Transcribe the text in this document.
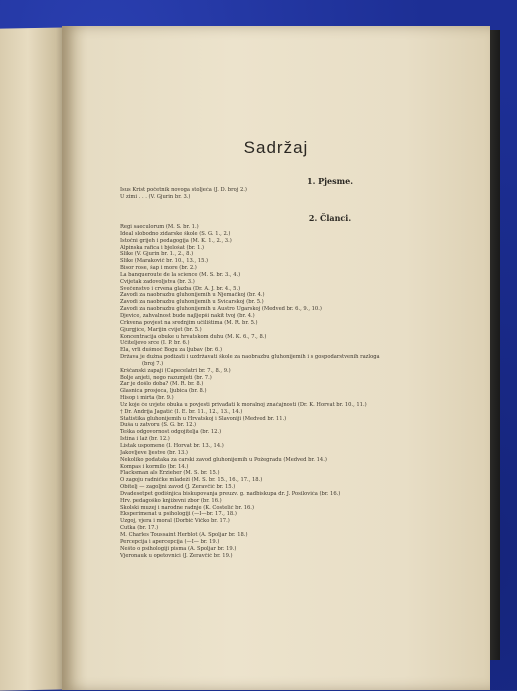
Sadržaj
1. Pjesme.
Isus Krist početnik novoga stoljeća (J. D. broj 2.)
U zimi . . . (V. Gjurin br. 3.)
2. Članci.
Regi saeculorum (M. S. br. 1.)
Ideal slobodno zidarske škole (S. G. 1., 2.)
Istočni grijeh i pedagogija (M. K. 1., 2., 3.)
Alpinska rafica i bjelošat (br. 1.)
Slike (V. Gjurin br. 1., 2., 8.)
Slike (Marakovič br. 10., 13., 15.)
Bisor rose, šap i more (br. 2.)
La banqueroute de la science (M. S. br. 3., 4.)
Cvijetak zadovoljstva (br. 3.)
Svečenstvo i crvena glazba (Dr. A. J. br. 4., 5.)
Zavodi za naobrazbu gluhonijemih u Njemačkoj (br. 4.)
Zavodi za naobrazbu gluhonijemih u Švicarskoj (br. 5.)
Zavodi za naobrazbu gluhonijemih u Austro Ugarskoj (Medved br. 6., 9., 10.)
Djevice, zahvalnost bude najljepši nakit tvoj (br. 4.)
Crkvena povjest na srednjim učilištima (M. R. br. 5.)
Gjurgjice, Marijin cvijet (br. 5.)
Koncentracija obuke u hrvatskom duhu (M. K. 6., 7., 8.)
Učiteljevo srce (I. P. br. 6.)
Ela, vrli dušmoć Bogu za ljubav (br. 6.)
Država je dužna podizati i uzdržavati škole za naobrazbu gluhonijemih i s gospodarstvenih razloga
(broj 7.)
Krščanski zapaji (Capecelatri br. 7., 8., 9.)
Bolje anjeti, nego razumjeti (br. 7.)
Zar je došlo doba? (M. R. br. 8.)
Glasnica prosjeca, ljubica (br. 8.)
Hisop i mirta (br. 9.)
Uz koje će uvjete obuka u povjesti privađati k moralnoj značajnosti (Dr. K. Horvat br. 10., 11.)
† Dr. Andrija Jagatić (I. E. br. 11., 12., 13., 14.)
Statistika gluhonijemih u Hrvatskoj i Slavoniji (Medved br. 11.)
Duša u zatvoru (S. G. br. 12.)
Teška odgovornost odgojitelja (br. 12.)
Istina i laž (br. 12.)
Listak uspomene (I. Horvat br. 13., 14.)
Jakovljeve ljestve (br. 13.)
Nekoliko podataka za carski zavod gluhonijemih u Požegradu (Medved br. 14.)
Kompas i kormilo (br. 14.)
Flacksman als Erzieher (M. S. br. 15.)
O zagoju radničke mladeži (M. S. br. 15., 16., 17., 18.)
Obitelj — zagoljni zavod (J. Zeravčić br. 15.)
Dvadesetpet godišnjica biskupovanja preuzv. g. nadbiskupa dr. J. Posilovića (br. 16.)
Hrv. pedagoško književni zbor (br. 16.)
Školski muzej i narodne radnje (K. Costelić br. 16.)
Eksperimenat u psihologiji (—I—br. 17., 18.)
Uzgoj, vjera i moral (Dorbić Vičko br. 17.)
Čutka (br. 17.)
M. Charles Toussaint Herblot (A. Špoljar br. 18.)
Percepcija i apercepcija (—I— br. 19.)
Nešto o psihologiji pisma (A. Špoljar br. 19.)
Vjeronauk u opetovnici (J. Zeravčić br. 19.)
